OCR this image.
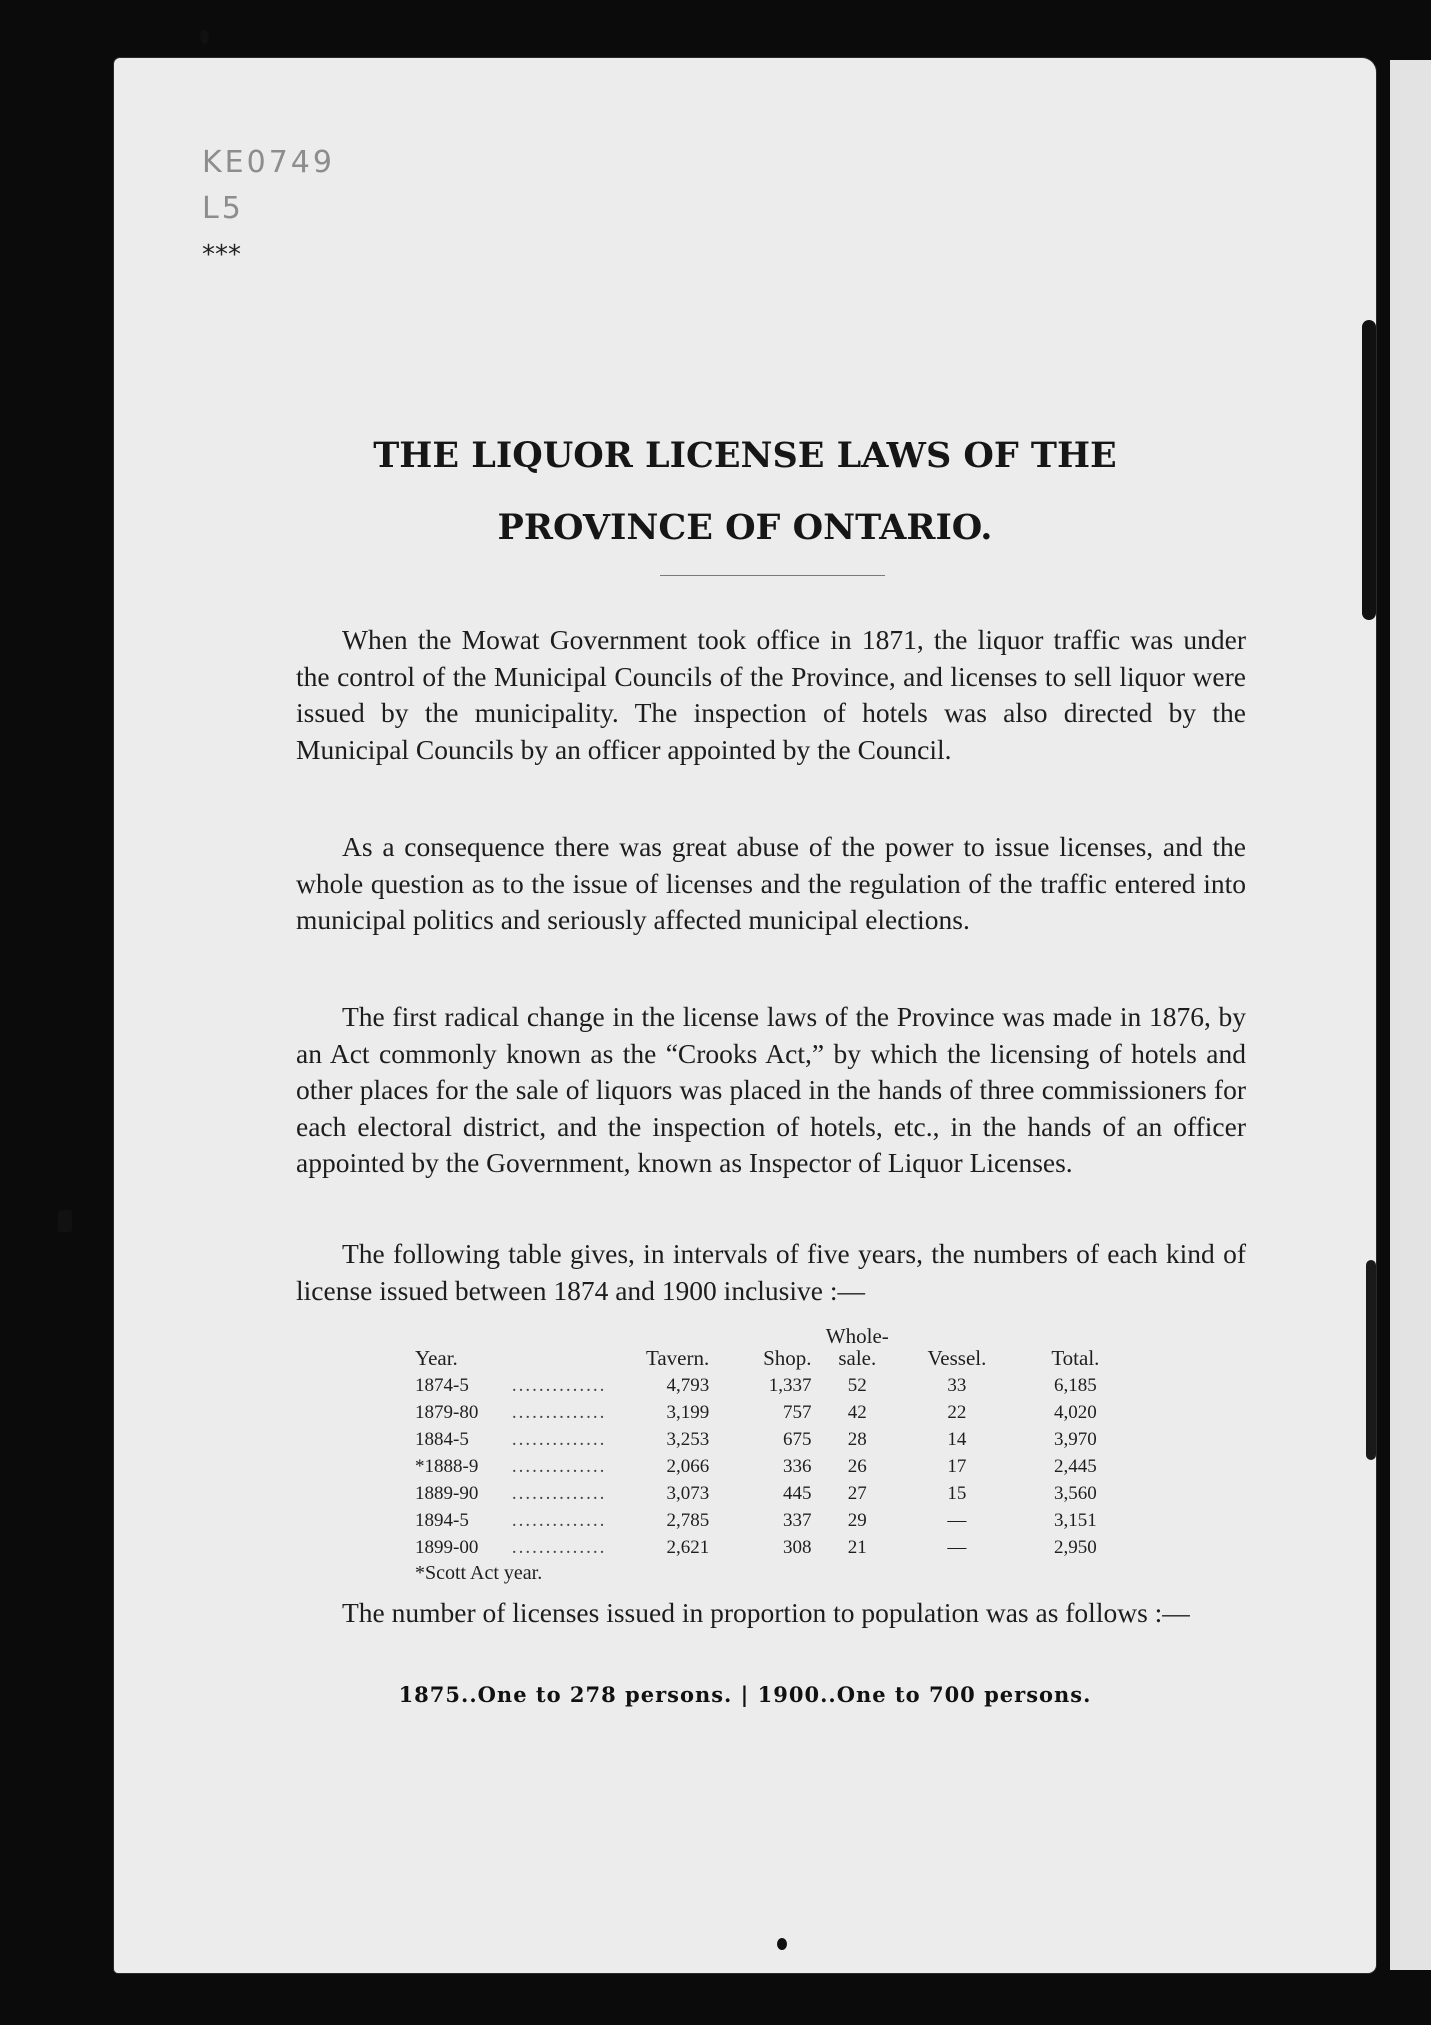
KE0749
L5
***
THE LIQUOR LICENSE LAWS OF THE
PROVINCE OF ONTARIO.

When the Mowat Government took office in 1871, the liquor traffic was under the control of the Municipal Councils of the Province, and licenses to sell liquor were issued by the municipality. The inspection of hotels was also directed by the Municipal Councils by an officer appointed by the Council.

As a consequence there was great abuse of the power to issue licenses, and the whole question as to the issue of licenses and the regulation of the traffic entered into municipal politics and seriously affected municipal elections.

The first radical change in the license laws of the Province was made in 1876, by an Act commonly known as the “Crooks Act,” by which the licensing of hotels and other places for the sale of liquors was placed in the hands of three commissioners for each electoral district, and the inspection of hotels, etc., in the hands of an officer appointed by the Government, known as Inspector of Liquor Licenses.

The following table gives, in intervals of five years, the numbers of each kind of license issued between 1874 and 1900 inclusive :—

Year.		Tavern.	Shop.	Whole- sale.	Vessel.	Total.
1874-5	..............	4,793	1,337	52	33	6,185
1879-80	..............	3,199	757	42	22	4,020
1884-5	..............	3,253	675	28	14	3,970
*1888-9	..............	2,066	336	26	17	2,445
1889-90	..............	3,073	445	27	15	3,560
1894-5	..............	2,785	337	29	—	3,151
1899-00	..............	2,621	308	21	—	2,950
*Scott Act year.

The number of licenses issued in proportion to population was as follows :—

1875..One to 278 persons. | 1900..One to 700 persons.
